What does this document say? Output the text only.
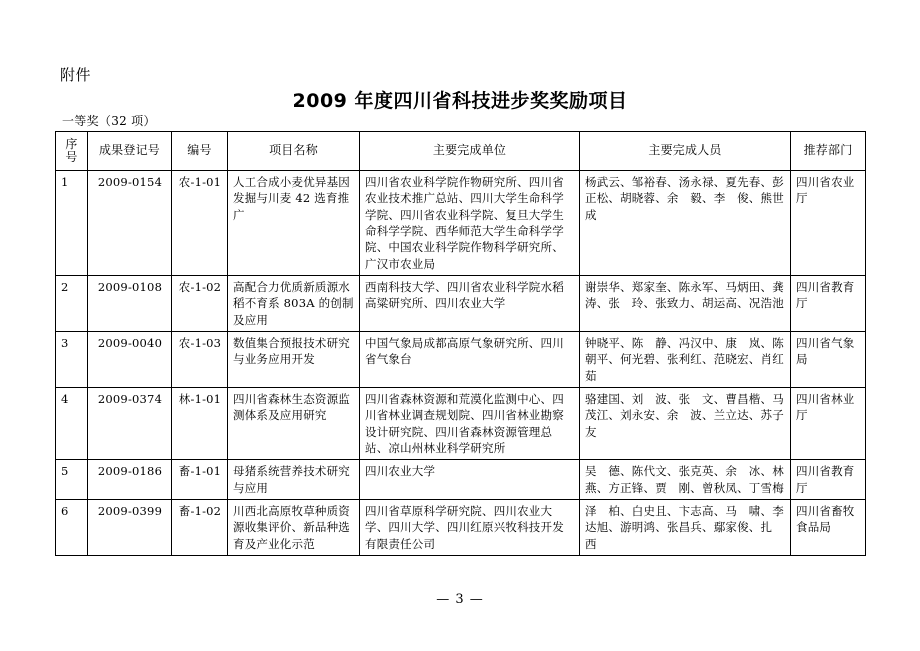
附件
2009 年度四川省科技进步奖奖励项目
一等奖（32 项）
序
号	成果登记号	编号	项目名称	主要完成单位	主要完成人员	推荐部门
1	2009-0154	农-1-01	人工合成小麦优异基因发掘与川麦 42 选育推广	四川省农业科学院作物研究所、四川省农业技术推广总站、四川大学生命科学学院、四川省农业科学院、复旦大学生命科学学院、西华师范大学生命科学学院、中国农业科学院作物科学研究所、广汉市农业局	杨武云、邹裕春、汤永禄、夏先春、彭正松、胡晓蓉、余　毅、李　俊、熊世成	四川省农业厅
2	2009-0108	农-1-02	高配合力优质新质源水稻不育系 803A 的创制及应用	西南科技大学、四川省农业科学院水稻高粱研究所、四川农业大学	谢崇华、郑家奎、陈永军、马炳田、龚　涛、张　玲、张致力、胡运高、况浩池	四川省教育厅
3	2009-0040	农-1-03	数值集合预报技术研究与业务应用开发	中国气象局成都高原气象研究所、四川省气象台	钟晓平、陈　静、冯汉中、康　岚、陈朝平、何光碧、张利红、范晓宏、肖红茹	四川省气象局
4	2009-0374	林-1-01	四川省森林生态资源监测体系及应用研究	四川省森林资源和荒漠化监测中心、四川省林业调查规划院、四川省林业勘察设计研究院、四川省森林资源管理总站、凉山州林业科学研究所	骆建国、刘　波、张　文、曹昌楷、马茂江、刘永安、余　波、兰立达、苏子友	四川省林业厅
5	2009-0186	畜-1-01	母猪系统营养技术研究与应用	四川农业大学	吴　德、陈代文、张克英、余　冰、林　燕、方正锋、贾　刚、曾秋凤、丁雪梅	四川省教育厅
6	2009-0399	畜-1-02	川西北高原牧草种质资源收集评价、新品种选育及产业化示范	四川省草原科学研究院、四川农业大学、四川大学、四川红原兴牧科技开发有限责任公司	泽　柏、白史且、卞志高、马　啸、李达旭、游明鸿、张昌兵、鄢家俊、扎　西	四川省畜牧食品局
— 3 —
